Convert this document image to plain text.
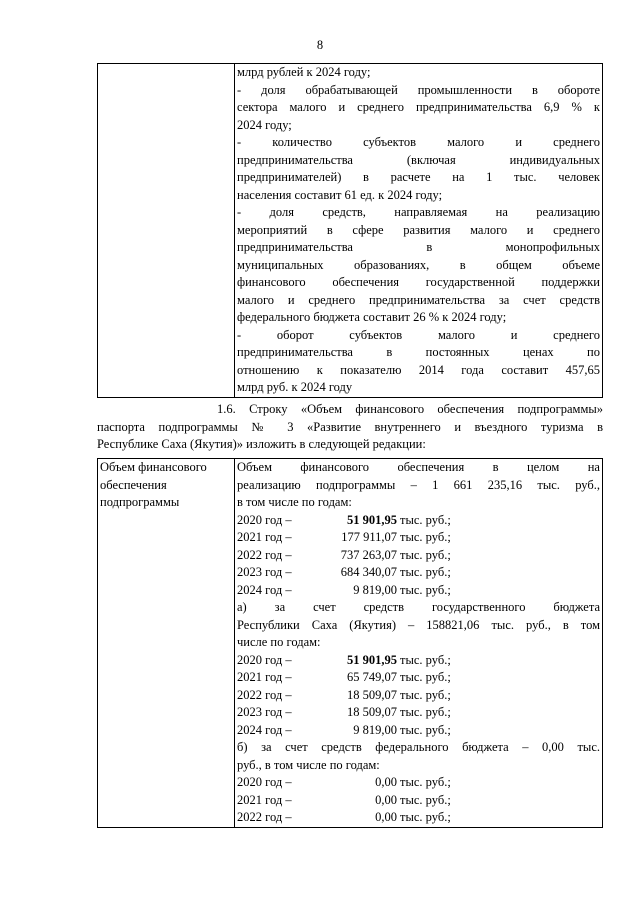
8

млрд рублей к 2024 году;
- доля обрабатывающей промышленности в обороте
сектора малого и среднего предпринимательства 6,9 % к
2024 году;
- количество субъектов малого и среднего
предпринимательства (включая индивидуальных
предпринимателей) в расчете на 1 тыс. человек
населения составит 61 ед. к 2024 году;
- доля средств, направляемая на реализацию
мероприятий в сфере развития малого и среднего
предпринимательства в монопрофильных
муниципальных образованиях, в общем объеме
финансового обеспечения государственной поддержки
малого и среднего предпринимательства за счет средств
федерального бюджета составит 26 % к 2024 году;
- оборот субъектов малого и среднего
предпринимательства в постоянных ценах по
отношению к показателю 2014 года составит 457,65
млрд руб. к 2024 году
1.6. Строку «Объем финансового обеспечения подпрограммы»
паспорта подпрограммы № 3 «Развитие внутреннего и въездного туризма в
Республике Саха (Якутия)» изложить в следующей редакции:
Объем финансового
обеспечения
подпрограммы

Объем финансового обеспечения в целом на
реализацию подпрограммы – 1 661 235,16 тыс. руб.,
в том числе по годам:
2020 год –	51 901,95 тыс. руб.;
2021 год –	177 911,07 тыс. руб.;
2022 год –	737 263,07 тыс. руб.;
2023 год –	684 340,07 тыс. руб.;
2024 год –	9 819,00 тыс. руб.;
а) за счет средств государственного бюджета
Республики Саха (Якутия) – 158821,06 тыс. руб., в том
числе по годам:
2020 год –	51 901,95 тыс. руб.;
2021 год –	65 749,07 тыс. руб.;
2022 год –	18 509,07 тыс. руб.;
2023 год –	18 509,07 тыс. руб.;
2024 год –	9 819,00 тыс. руб.;
б) за счет средств федерального бюджета – 0,00 тыс.
руб., в том числе по годам:
2020 год –	0,00 тыс. руб.;
2021 год –	0,00 тыс. руб.;
2022 год –	0,00 тыс. руб.;
